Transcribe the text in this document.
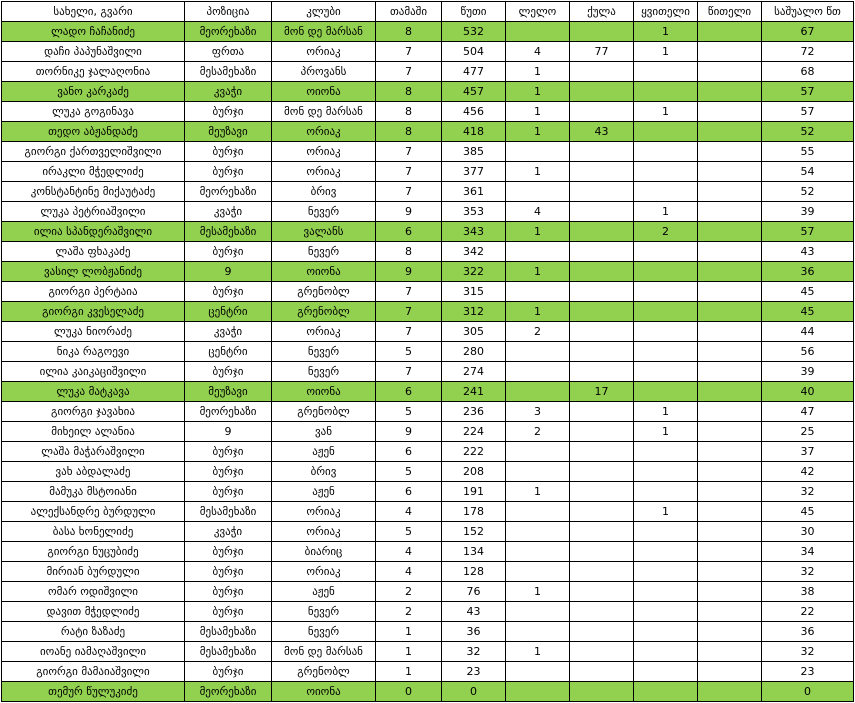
სახელი, გვარი	პოზიცია	კლუბი	თამაში	წუთი	ლელო	ქულა	ყვითელი	წითელი	საშუალო წთ
ლადო ჩაჩანიძე	მეორეხაზი	მონ დე მარსან	8	532			1		67
დაჩი პაპუნაშვილი	ფრთა	ორიაკ	7	504	4	77	1		72
თორნიკე ჯალაღონია	მესამეხაზი	პროვანს	7	477	1				68
ვანო კარკაძე	კვაჭი	ოიონა	8	457	1				57
ლუკა გოგინავა	ბურჯი	მონ დე მარსან	8	456	1		1		57
თედო აბჟანდაძე	მეუზავი	ორიაკ	8	418	1	43			52
გიორგი ქართველიშვილი	ბურჯი	ორიაკ	7	385					55
ირაკლი მჭედლიძე	ბურჯი	ორიაკ	7	377	1				54
კონსტანტინე მიქაუტაძე	მეორეხაზი	ბრივ	7	361					52
ლუკა პეტრიაშვილი	კვაჭი	ნევერ	9	353	4		1		39
ილია სპანდერაშვილი	მესამეხაზი	ვალანს	6	343	1		2		57
ლაშა ფხაკაძე	ბურჯი	ნევერ	8	342					43
ვასილ ლობჟანიძე	9	ოიონა	9	322	1				36
გიორგი პერტაია	ბურჯი	გრენობლ	7	315					45
გიორგი კვესელაძე	ცენტრი	გრენობლ	7	312	1				45
ლუკა ნიორაძე	კვაჭი	ორიაკ	7	305	2				44
ნიკა რაგოევი	ცენტრი	ნევერ	5	280					56
ილია კაიკაციშვილი	ბურჯი	ნევერ	7	274					39
ლუკა მატკავა	მეუზავი	ოიონა	6	241		17			40
გიორგი ჯავახია	მეორეხაზი	გრენობლ	5	236	3		1		47
მიხეილ ალანია	9	ვან	9	224	2		1		25
ლაშა მაჭარაშვილი	ბურჯი	აჟენ	6	222					37
ვახ აბდალაძე	ბურჯი	ბრივ	5	208					42
მამუკა მსტოიანი	ბურჯი	აჟენ	6	191	1				32
ალექსანდრე ბურდული	მესამეხაზი	ორიაკ	4	178			1		45
ბასა ხონელიძე	კვაჭი	ორიაკ	5	152					30
გიორგი ნუცუბიძე	ბურჯი	ბიარიც	4	134					34
მირიან ბურდული	ბურჯი	ორიაკ	4	128					32
ომარ ოდიშვილი	ბურჯი	აჟენ	2	76	1				38
დავით მჭედლიძე	ბურჯი	ნევერ	2	43					22
რატი ზაზაძე	მესამეხაზი	ნევერ	1	36					36
იოანე იამაღაშვილი	მესამეხაზი	მონ დე მარსან	1	32	1				32
გიორგი მამაიაშვილი	ბურჯი	გრენობლ	1	23					23
თემურ წულუკიძე	მეორეხაზი	ოიონა	0	0					0
